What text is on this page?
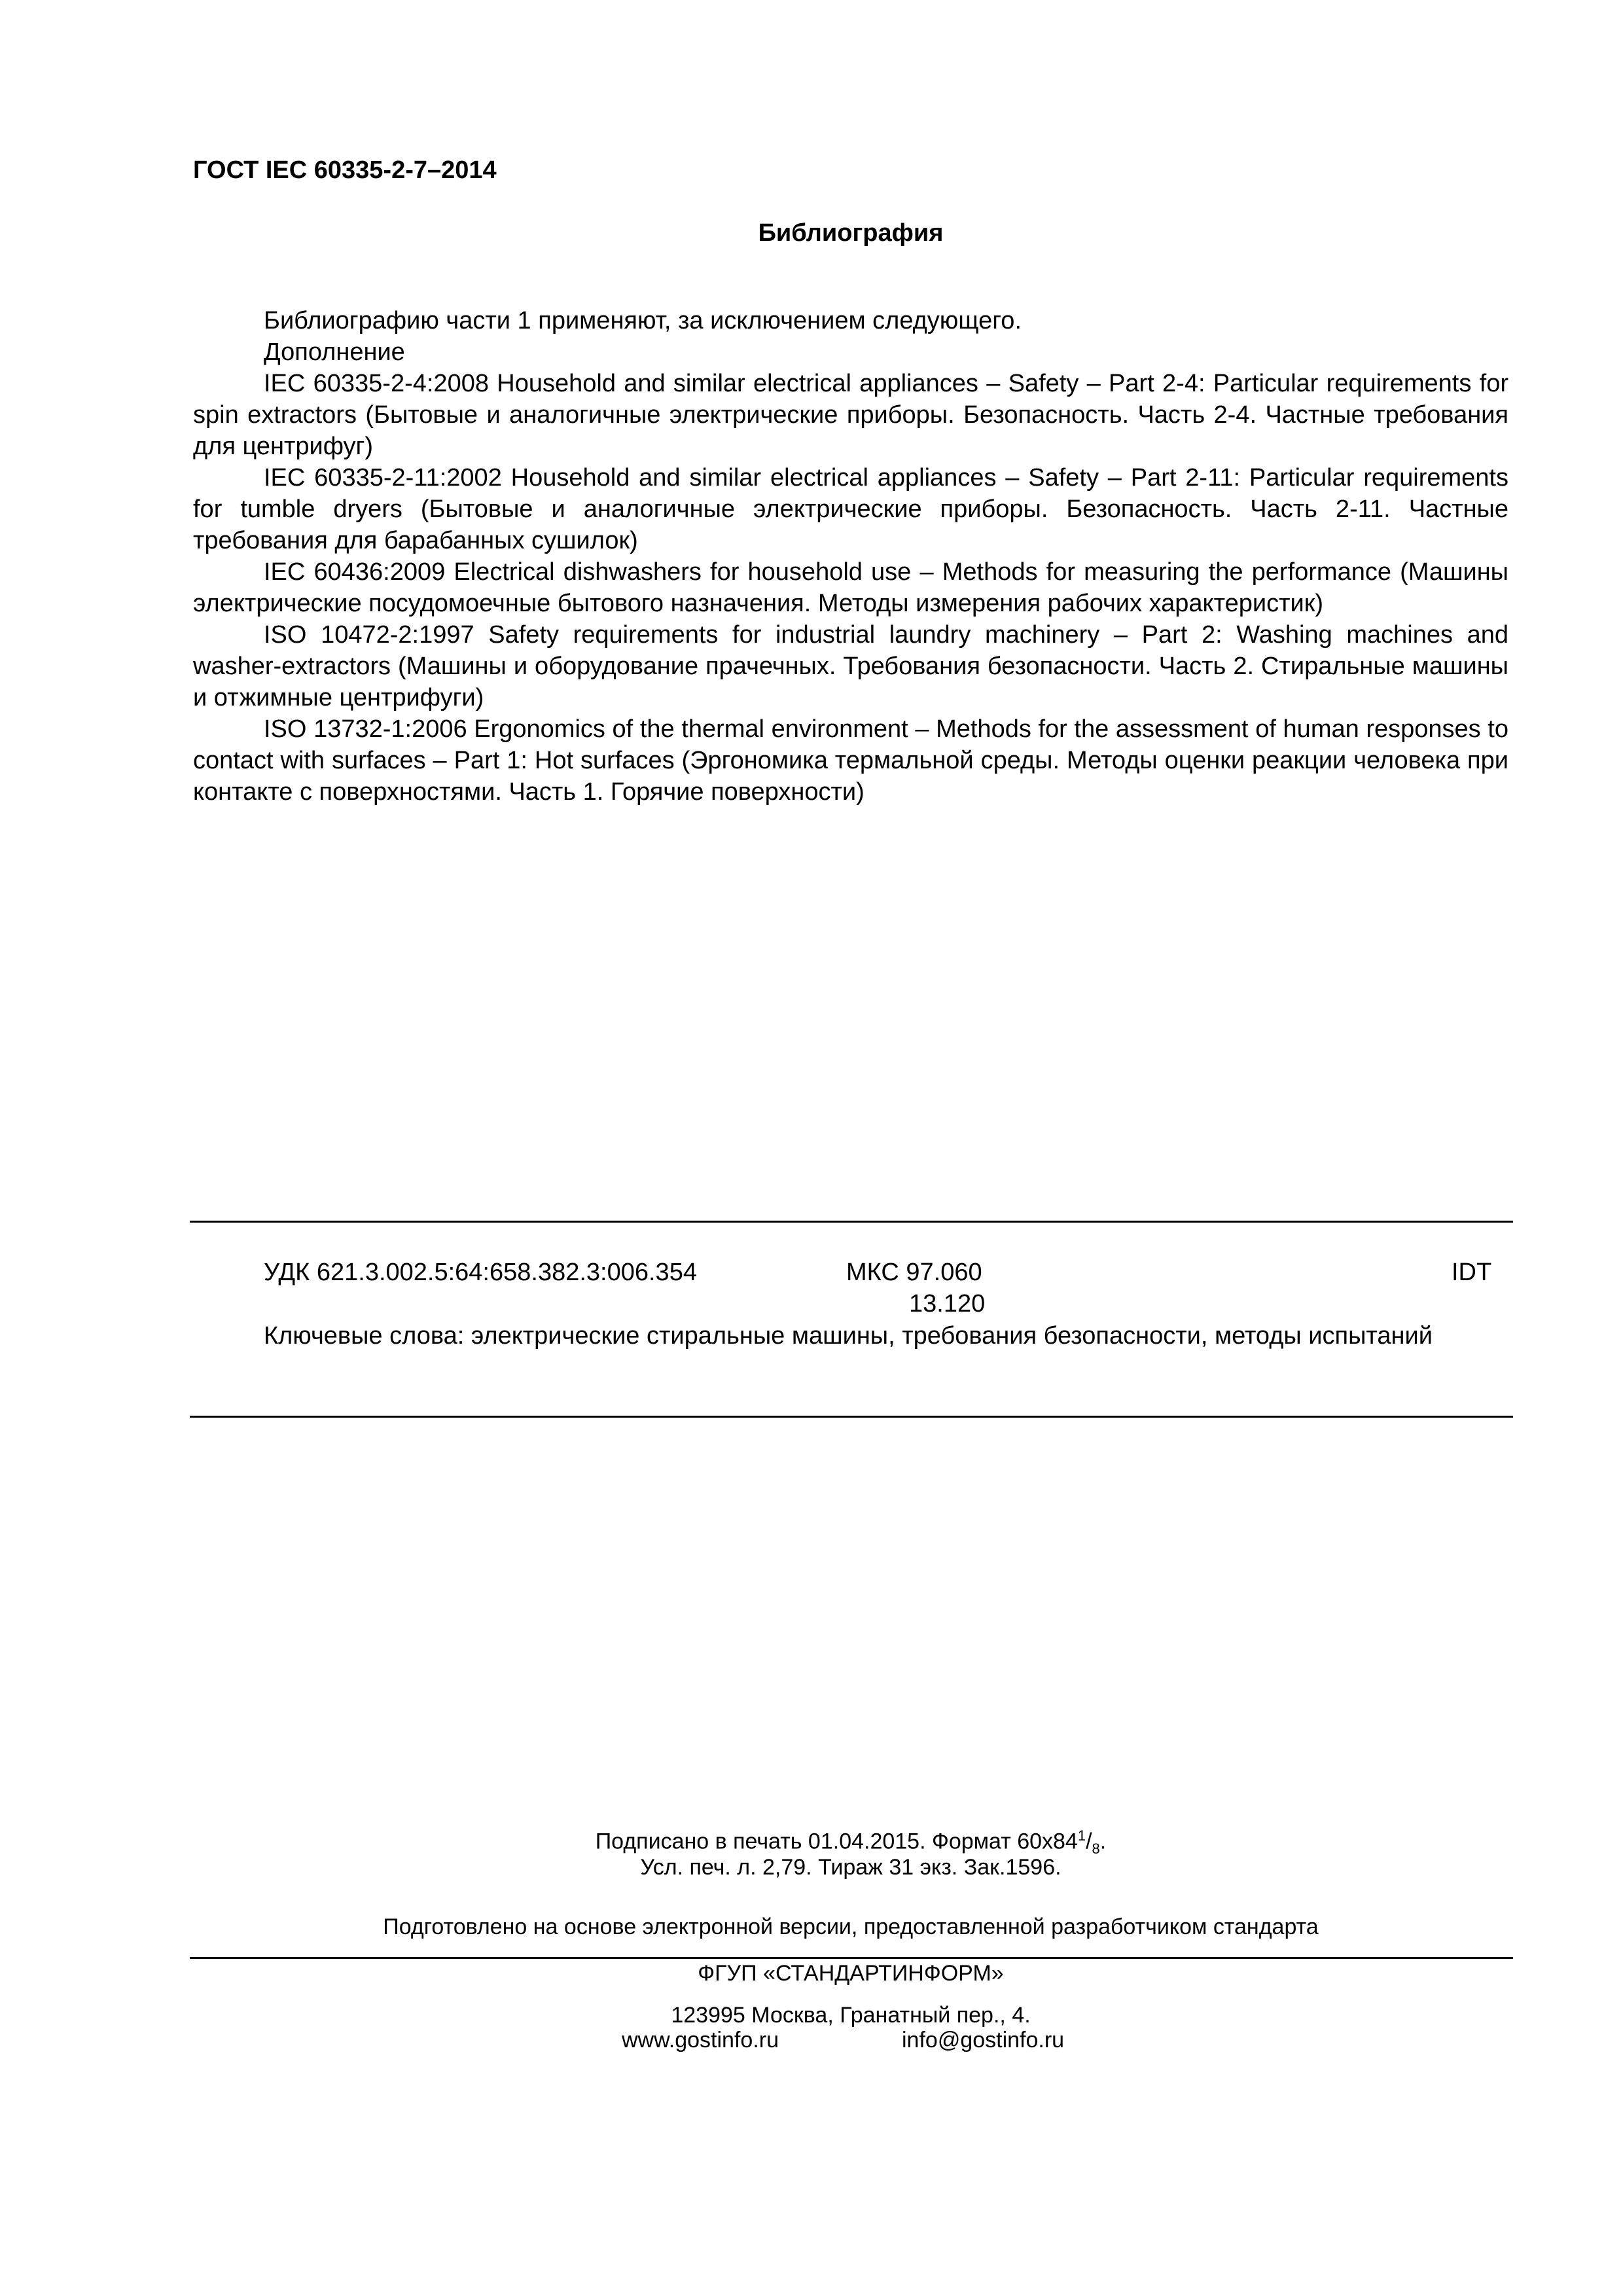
ГОСТ IEC 60335-2-7–2014
Библиография

Библиографию части 1 применяют, за исключением следующего.

Дополнение

IEC 60335-2-4:2008 Household and similar electrical appliances – Safety – Part 2-4: Particular requirements for spin extractors (Бытовые и аналогичные электрические приборы. Безопасность. Часть 2-4. Частные требования для центрифуг)

IEC 60335-2-11:2002 Household and similar electrical appliances – Safety – Part 2-11: Particular requirements for tumble dryers (Бытовые и аналогичные электрические приборы. Безопасность. Часть 2-11. Частные требования для барабанных сушилок)

IEC 60436:2009 Electrical dishwashers for household use – Methods for measuring the performance (Машины электрические посудомоечные бытового назначения. Методы измерения рабочих характеристик)

ISO 10472-2:1997 Safety requirements for industrial laundry machinery – Part 2: Washing machines and washer-extractors (Машины и оборудование прачечных. Требования безопасности. Часть 2. Стиральные машины и отжимные центрифуги)

ISO 13732-1:2006 Ergonomics of the thermal environment – Methods for the assessment of human responses to contact with surfaces – Part 1: Hot surfaces (Эргономика термальной среды. Методы оценки реакции человека при контакте с поверхностями. Часть 1. Горячие поверхности)

УДК 621.3.002.5:64:658.382.3:006.354	МКС 97.060
13.120
IDT

Ключевые слова: электрические стиральные машины, требования безопасности, методы испытаний

Подписано в печать 01.04.2015. Формат $60x84^1/_8$.

Усл. печ. л. 2,79. Тираж 31 экз. Зак.1596.

Подготовлено на основе электронной версии, предоставленной разработчиком стандарта

ФГУП «СТАНДАРТИНФОРМ»

123995 Москва, Гранатный пер., 4.

www.gostinfo.ru	info@gostinfo.ru
